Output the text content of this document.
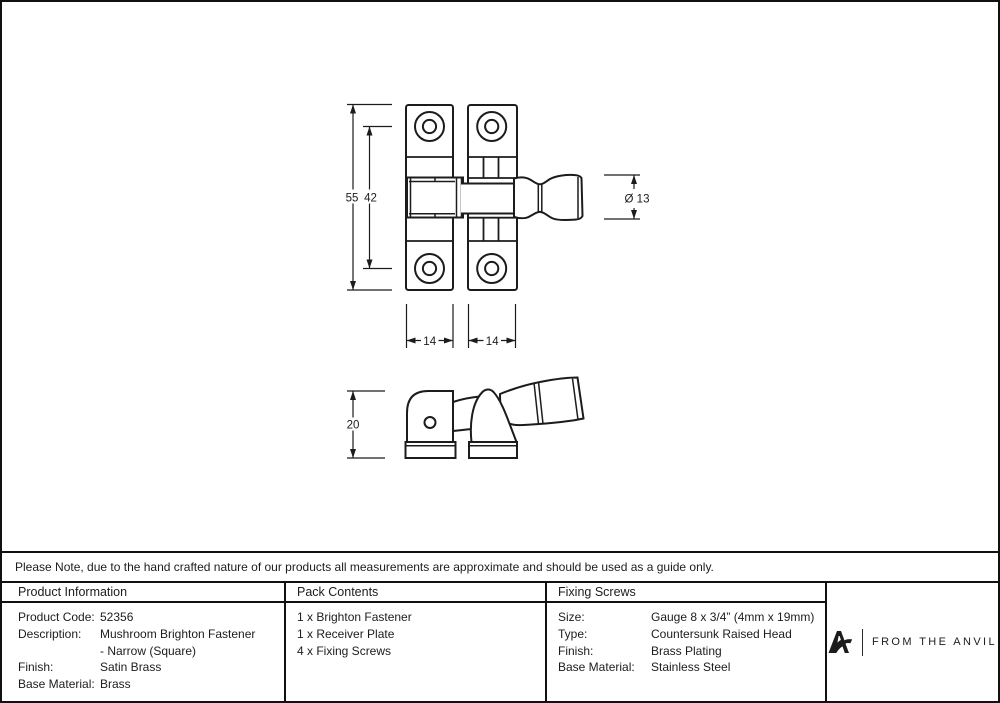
55 42	Ø 13
14	14
20
Please Note, due to the hand crafted nature of our products all measurements are approximate and should be used as a guide only.
Product Information
Product Code: 52356
Description:	Mushroom Brighton Fastener
- Narrow (Square)
Finish:	Satin Brass
Base Material: Brass
Pack Contents
1 x Brighton Fastener
1 x Receiver Plate
4 x Fixing Screws
Fixing Screws
Size:	Gauge 8 x 3/4” (4mm x 19mm)
Type:	Countersunk Raised Head
Finish:	Brass Plating
Base Material:	Stainless Steel
FROM THE ANVIL
